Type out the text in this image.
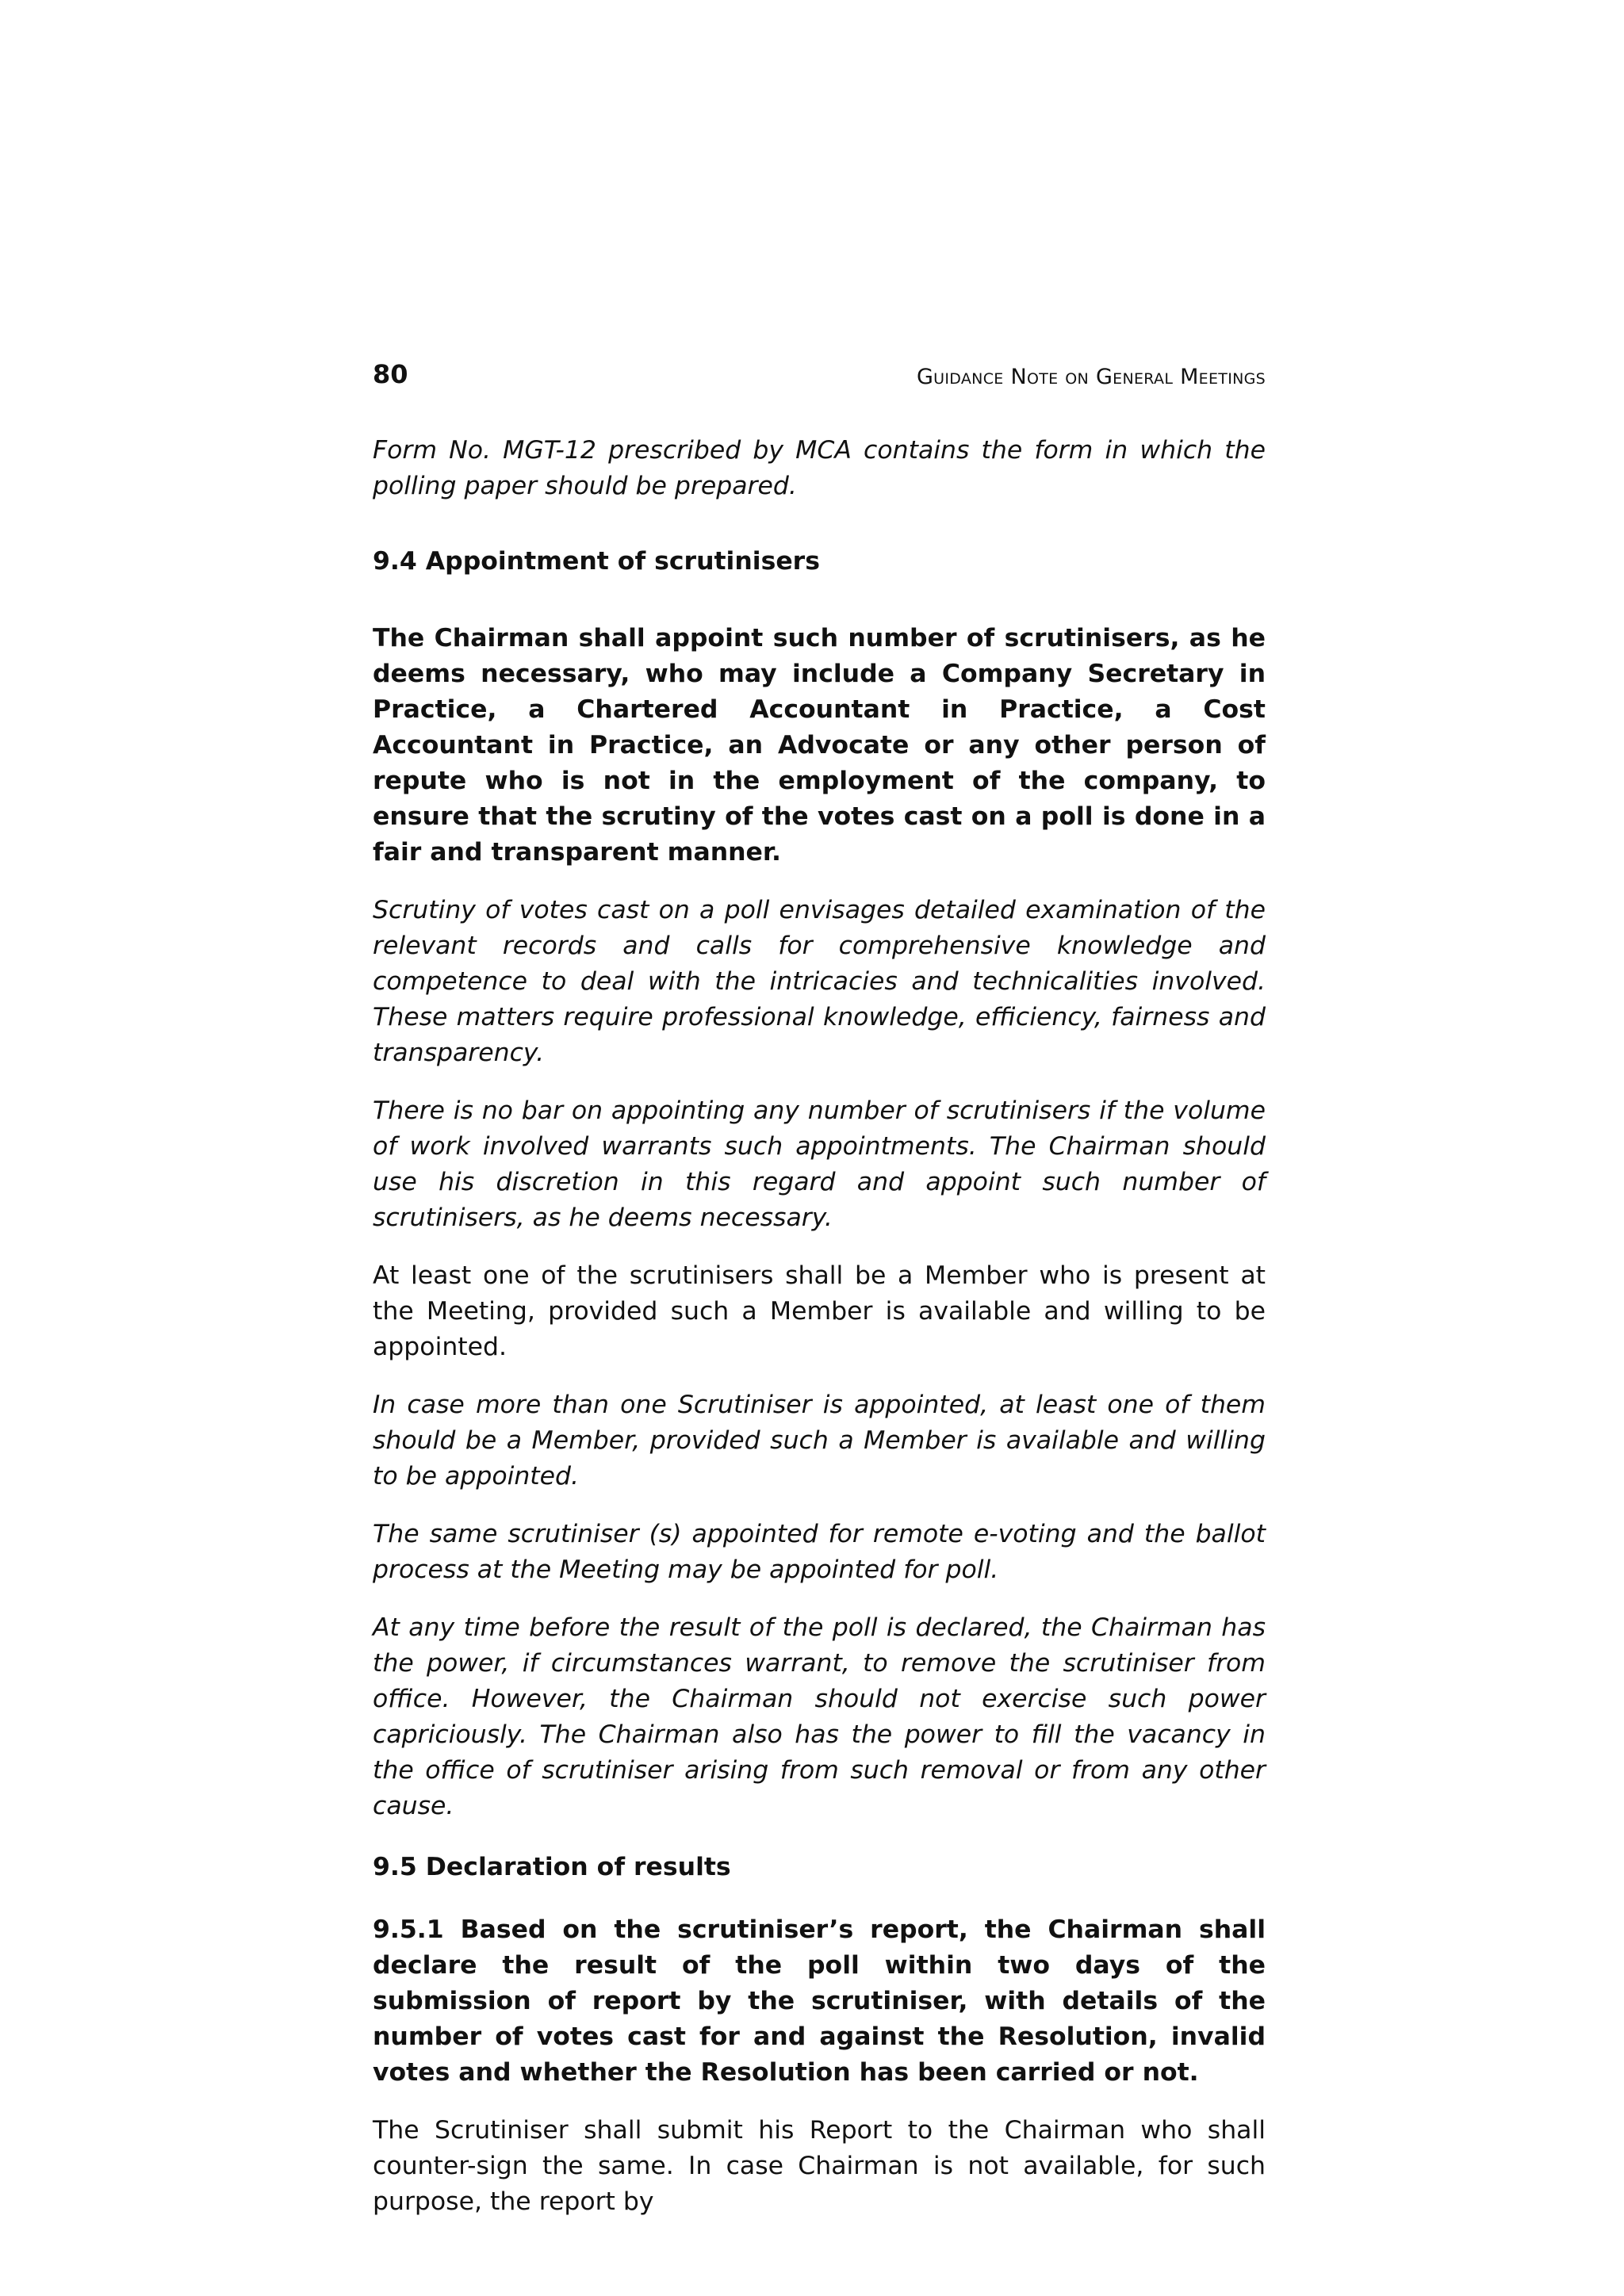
80	Guidance Note on General Meetings

Form No. MGT-12 prescribed by MCA contains the form in which the polling paper should be prepared.

9.4 Appointment of scrutinisers

The Chairman shall appoint such number of scrutinisers, as he deems necessary, who may include a Company Secretary in Practice, a Chartered Accountant in Practice, a Cost Accountant in Practice, an Advocate or any other person of repute who is not in the employment of the company, to ensure that the scrutiny of the votes cast on a poll is done in a fair and transparent manner.

Scrutiny of votes cast on a poll envisages detailed examination of the relevant records and calls for comprehensive knowledge and competence to deal with the intricacies and technicalities involved. These matters require professional knowledge, efficiency, fairness and transparency.

There is no bar on appointing any number of scrutinisers if the volume of work involved warrants such appointments. The Chairman should use his discretion in this regard and appoint such number of scrutinisers, as he deems necessary.

At least one of the scrutinisers shall be a Member who is present at the Meeting, provided such a Member is available and willing to be appointed.

In case more than one Scrutiniser is appointed, at least one of them should be a Member, provided such a Member is available and willing to be appointed.

The same scrutiniser (s) appointed for remote e-voting and the ballot process at the Meeting may be appointed for poll.

At any time before the result of the poll is declared, the Chairman has the power, if circumstances warrant, to remove the scrutiniser from office. However, the Chairman should not exercise such power capriciously. The Chairman also has the power to fill the vacancy in the office of scrutiniser arising from such removal or from any other cause.

9.5 Declaration of results

9.5.1 Based on the scrutiniser’s report, the Chairman shall declare the result of the poll within two days of the submission of report by the scrutiniser, with details of the number of votes cast for and against the Resolution, invalid votes and whether the Resolution has been carried or not.

The Scrutiniser shall submit his Report to the Chairman who shall counter-sign the same. In case Chairman is not available, for such purpose, the report by
